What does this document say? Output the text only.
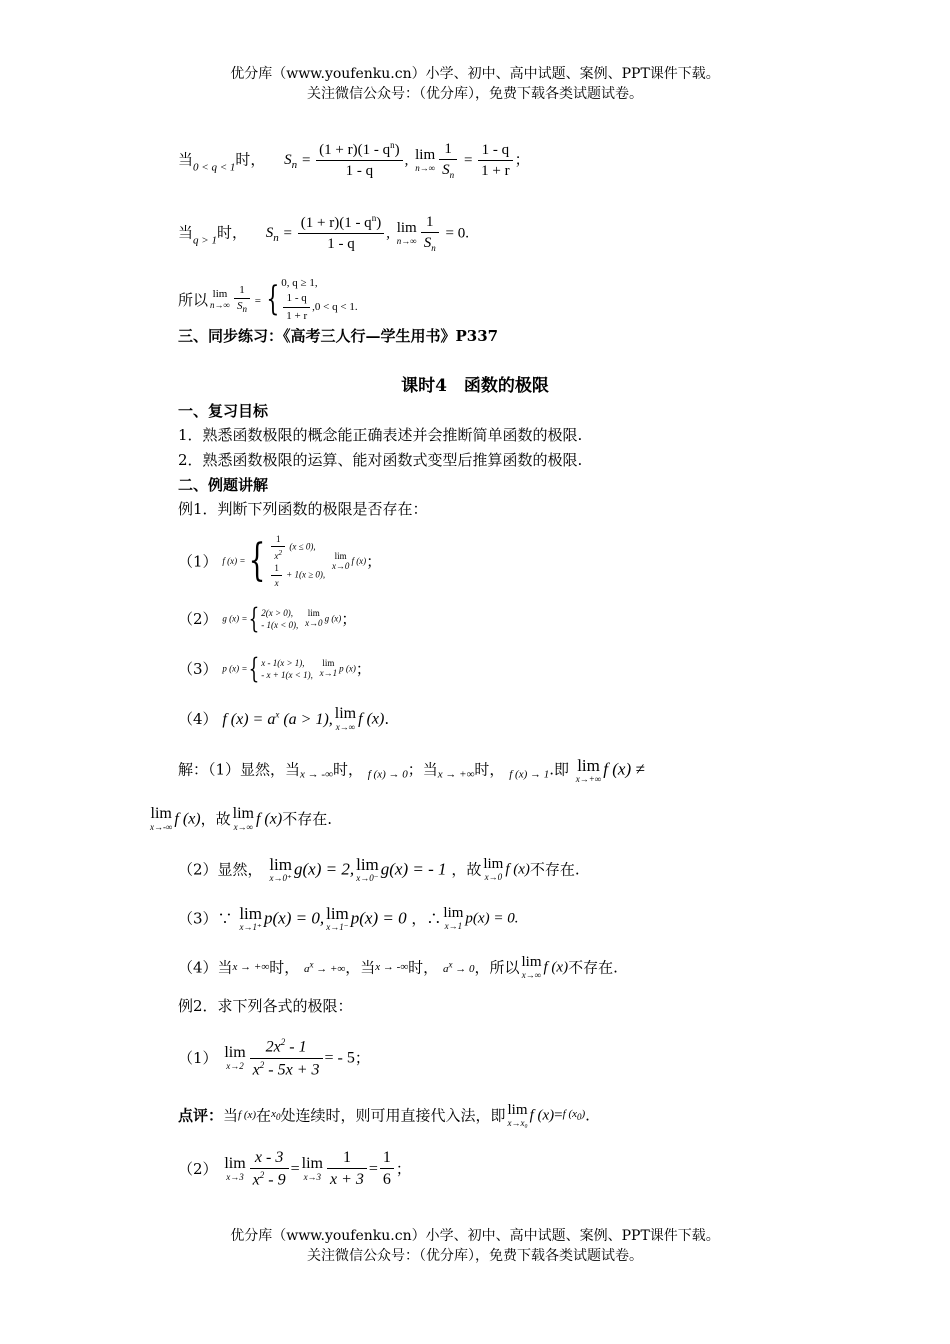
优分库（www.youfenku.cn）小学、初中、高中试题、案例、PPT课件下载。
关注微信公众号：（优分库），免费下载各类试题试卷。
当$_{0 < q < 1}$时， $S_n = \frac{(1 + r)(1 - q^n)}{1 - q}$ , lim
$n\to\infty \frac{1}{S_n} = \frac{1 - q}{1 + r}$ ；
当$_{q > 1}$时， $S_n = \frac{(1 + r)(1 - q^n)}{1 - q}$ , lim
$n\to\infty \frac{1}{S_n} = 0$.
所以 lim
$n\to\infty \frac{1}{S_n}$ = { 0, q ≥ 1,
$\frac{1 - q}{1 + r} ,0 < q < 1$.
三、同步练习：《高考三人行—学生用书》P337
课时4　函数的极限
一、复习目标
1．熟悉函数极限的概念能正确表述并会推断简单函数的极限.
2．熟悉函数极限的运算、能对函数式变型后推算函数的极限.
二、例题讲解
例1．判断下列函数的极限是否存在：
（1） f (x) ={ $\frac{1}{x^2} (x \le 0)$,
$\frac{1}{x} + 1(x \ge 0)$,
lim
x→0 f (x)；
（2） g (x) ={ 2(x > 0),
- 1(x < 0),
lim
x→0 g (x)；
（3） p (x) ={ x - 1(x > 1),
- x + 1(x < 1),
lim
x→1 p (x)；
（4） f $(x) = a^x$ (a > 1), lim
x→∞ f (x).
解：（1）显然，当$_{x \to -\infty}$时， $_{f (x) \to 0}$；当$_{x \to +\infty}$时， $_{f (x) \to 1}$.即 lim
x→+∞
f (x) ≠
lim
x→-∞ f (x)，故 lim
x→∞ f (x)不存在.
（2）显然， lim
x→0⁺ g(x) = 2, lim
x→0⁻ g(x) = - 1 ，故 lim
x→0 f (x)不存在.
（3）∵ lim
x→1⁺ p(x) = 0, lim
x→1⁻ p(x) = 0 ，∴ lim
x→1 p(x) = 0.
（4）当x → +∞时， $a^x$ → +∞，当x → -∞时， $a^x \to 0$，所以 lim
x→∞ f (x)不存在.
例2．求下列各式的极限：
（1） lim
$x\to 2 \frac{2x^2 - 1}{x^2 - 5x + 3}$ = - 5；
点评：当f (x)在$x_0$处连续时，则可用直接代入法，即 lim
x→x₀ f (x)=f $(x_0)$.
（2） lim
$x\to 3 \frac{x - 3}{x^2 - 9} = \lim$
$x\to 3 \frac{1}{x + 3} = \frac{1}{6}$ ；
优分库（www.youfenku.cn）小学、初中、高中试题、案例、PPT课件下载。
关注微信公众号：（优分库），免费下载各类试题试卷。
